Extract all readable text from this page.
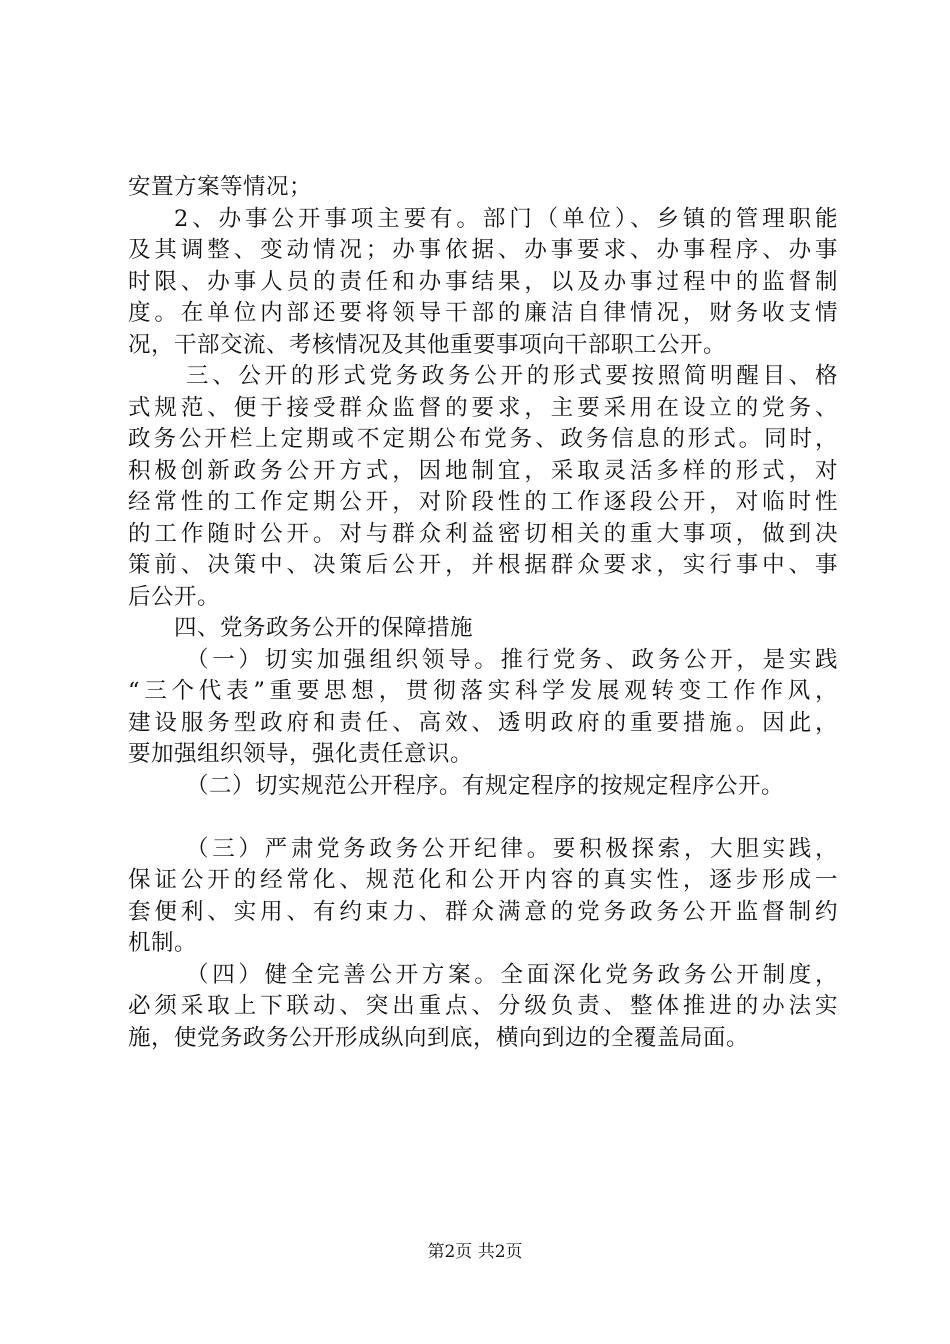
安置方案等情况；
2、办事公开事项主要有。部门（单位）、乡镇的管理职能
及其调整、变动情况；办事依据、办事要求、办事程序、办事
时限、办事人员的责任和办事结果，以及办事过程中的监督制
度。在单位内部还要将领导干部的廉洁自律情况，财务收支情
况，干部交流、考核情况及其他重要事项向干部职工公开。
三、公开的形式党务政务公开的形式要按照简明醒目、格
式规范、便于接受群众监督的要求，主要采用在设立的党务、
政务公开栏上定期或不定期公布党务、政务信息的形式。同时，
积极创新政务公开方式，因地制宜，采取灵活多样的形式，对
经常性的工作定期公开，对阶段性的工作逐段公开，对临时性
的工作随时公开。对与群众利益密切相关的重大事项，做到决
策前、决策中、决策后公开，并根据群众要求，实行事中、事
后公开。
四、党务政务公开的保障措施
（一）切实加强组织领导。推行党务、政务公开，是实践
“三个代表”重要思想，贯彻落实科学发展观转变工作作风，
建设服务型政府和责任、高效、透明政府的重要措施。因此，
要加强组织领导，强化责任意识。
（二）切实规范公开程序。有规定程序的按规定程序公开。
（三）严肃党务政务公开纪律。要积极探索，大胆实践，
保证公开的经常化、规范化和公开内容的真实性，逐步形成一
套便利、实用、有约束力、群众满意的党务政务公开监督制约
机制。
（四）健全完善公开方案。全面深化党务政务公开制度，
必须采取上下联动、突出重点、分级负责、整体推进的办法实
施，使党务政务公开形成纵向到底，横向到边的全覆盖局面。
第2页 共2页
